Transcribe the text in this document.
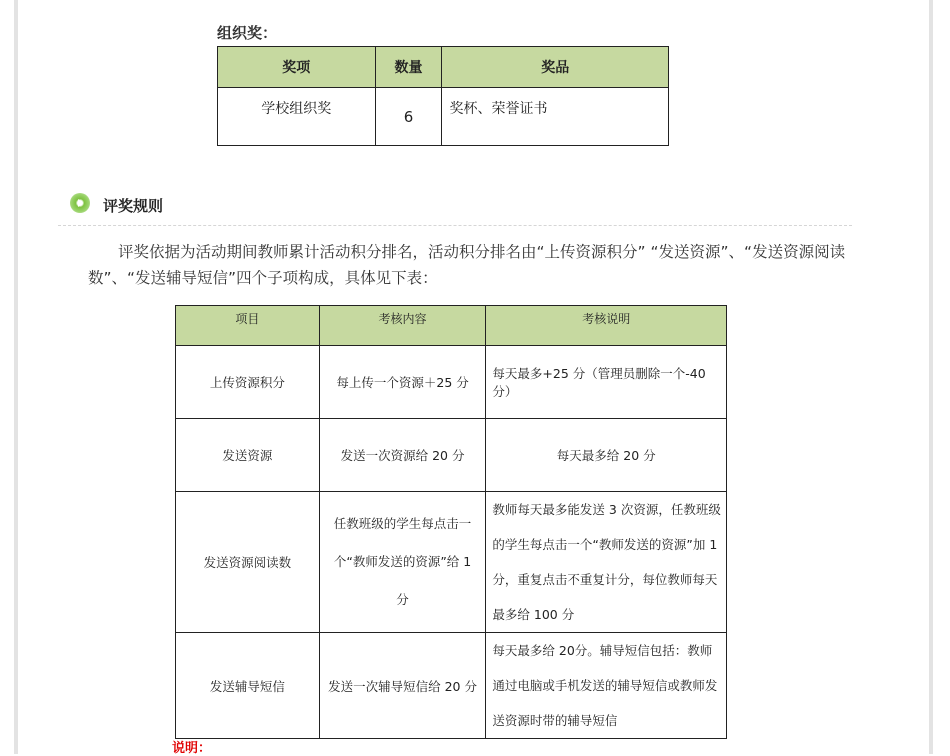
组织奖：
奖项	数量	奖品
学校组织奖	6	奖杯、荣誉证书
评奖规则
评奖依据为活动期间教师累计活动积分排名，活动积分排名由“上传资源积分” “发送资源”、“发送资源阅读数”、“发送辅导短信”四个子项构成，具体见下表：
项目	考核内容	考核说明
上传资源积分	每上传一个资源＋25 分	每天最多+25 分（管理员删除一个-40 分）
发送资源	发送一次资源给 20 分	每天最多给 20 分
发送资源阅读数	任教班级的学生每点击一个“教师发送的资源”给 1 分	教师每天最多能发送 3 次资源，任教班级的学生每点击一个“教师发送的资源”加 1 分，重复点击不重复计分，每位教师每天最多给 100 分
发送辅导短信	发送一次辅导短信给 20 分	每天最多给 20分。辅导短信包括：教师通过电脑或手机发送的辅导短信或教师发送资源时带的辅导短信
说明：
